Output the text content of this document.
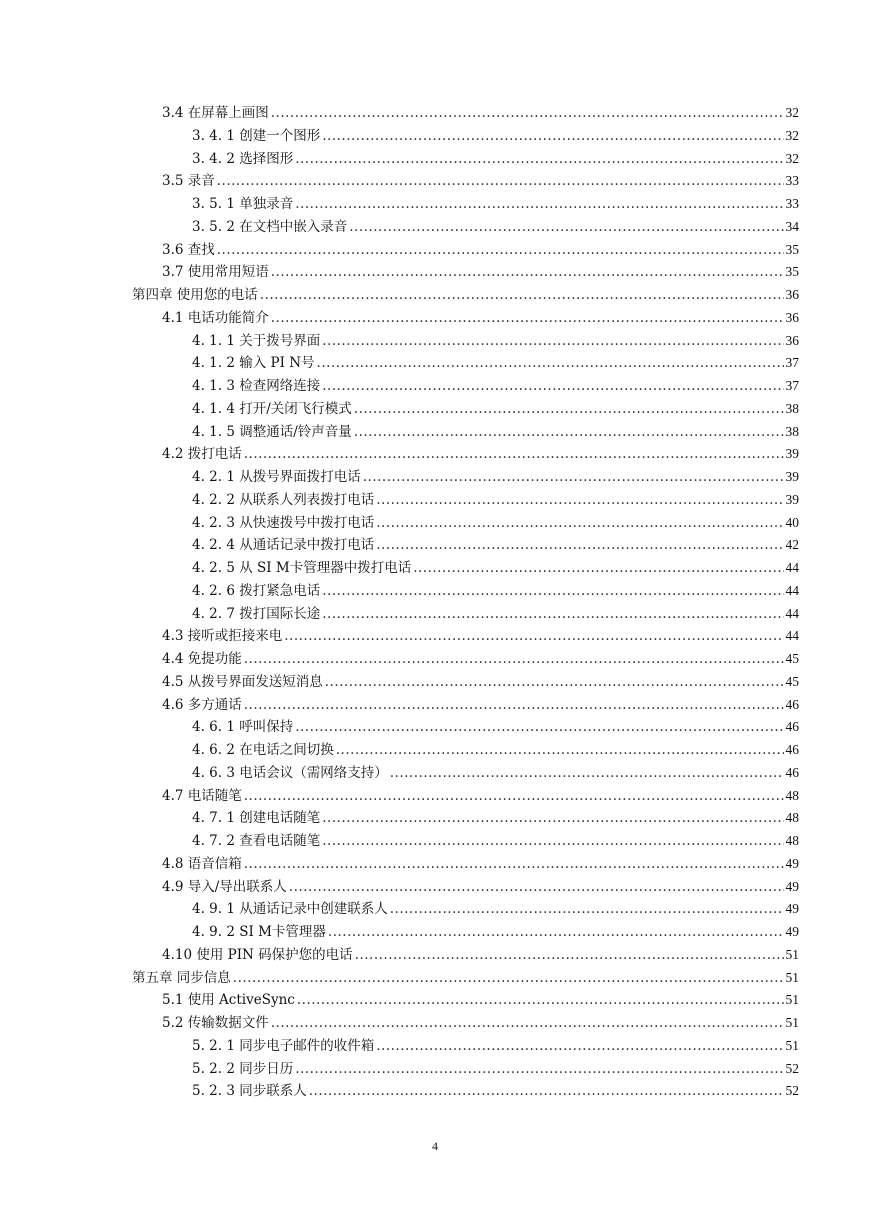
3.4 在屏幕上画图 .....	32
3. 4. 1 创建一个图形 .....	32
3. 4. 2 选择图形 .....	32
3.5 录音 .....	33
3. 5. 1 单独录音 .....	33
3. 5. 2 在文档中嵌入录音 .....	34
3.6 查找 .....	35
3.7 使用常用短语 .....	35
第四章 使用您的电话 .....	36
4.1 电话功能简介 .....	36
4. 1. 1 关于拨号界面 .....	36
4. 1. 2 输入 PI N号 .....	37
4. 1. 3 检查网络连接 .....	37
4. 1. 4 打开/关闭飞行模式 .....	38
4. 1. 5 调整通话/铃声音量 .....	38
4.2 拨打电话 .....	39
4. 2. 1 从拨号界面拨打电话 .....	39
4. 2. 2 从联系人列表拨打电话 .....	39
4. 2. 3 从快速拨号中拨打电话 .....	40
4. 2. 4 从通话记录中拨打电话 .....	42
4. 2. 5 从 SI M卡管理器中拨打电话 .....	44
4. 2. 6 拨打紧急电话 .....	44
4. 2. 7 拨打国际长途 .....	44
4.3 接听或拒接来电 .....	44
4.4 免提功能 .....	45
4.5 从拨号界面发送短消息 .....	45
4.6 多方通话 .....	46
4. 6. 1 呼叫保持 .....	46
4. 6. 2 在电话之间切换 .....	46
4. 6. 3 电话会议（需网络支持） .....	46
4.7 电话随笔 .....	48
4. 7. 1 创建电话随笔 .....	48
4. 7. 2 查看电话随笔 .....	48
4.8 语音信箱 .....	49
4.9 导入/导出联系人 .....	49
4. 9. 1 从通话记录中创建联系人 .....	49
4. 9. 2 SI M卡管理器 .....	49
4.10 使用 PIN 码保护您的电话 .....	51
第五章 同步信息 .....	51
5.1 使用 ActiveSync .....	51
5.2 传输数据文件 .....	51
5. 2. 1 同步电子邮件的收件箱 .....	51
5. 2. 2 同步日历 .....	52
5. 2. 3 同步联系人 .....	52
4
